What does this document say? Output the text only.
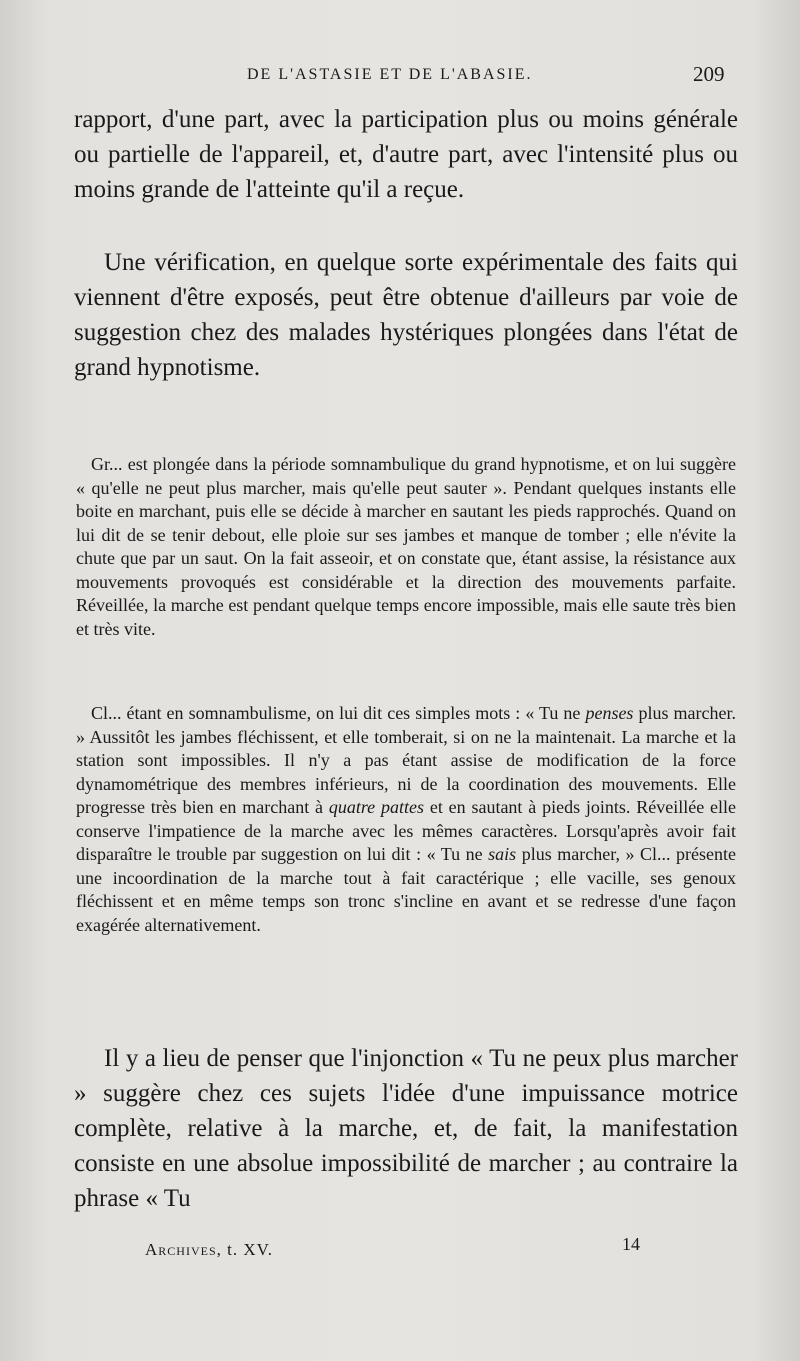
DE L'ASTASIE ET DE L'ABASIE.	209

rapport, d'une part, avec la participation plus ou moins générale ou partielle de l'appareil, et, d'autre part, avec l'intensité plus ou moins grande de l'atteinte qu'il a reçue.

Une vérification, en quelque sorte expérimentale des faits qui viennent d'être exposés, peut être obtenue d'ailleurs par voie de suggestion chez des malades hystériques plongées dans l'état de grand hypnotisme.

Gr... est plongée dans la période somnambulique du grand hypnotisme, et on lui suggère « qu'elle ne peut plus marcher, mais qu'elle peut sauter ». Pendant quelques instants elle boite en marchant, puis elle se décide à marcher en sautant les pieds rapprochés. Quand on lui dit de se tenir debout, elle ploie sur ses jambes et manque de tomber ; elle n'évite la chute que par un saut. On la fait asseoir, et on constate que, étant assise, la résistance aux mouvements provoqués est considérable et la direction des mouvements parfaite. Réveillée, la marche est pendant quelque temps encore impossible, mais elle saute très bien et très vite.

Cl... étant en somnambulisme, on lui dit ces simples mots : « Tu ne penses plus marcher. » Aussitôt les jambes fléchissent, et elle tomberait, si on ne la maintenait. La marche et la station sont impossibles. Il n'y a pas étant assise de modification de la force dynamométrique des membres inférieurs, ni de la coordination des mouvements. Elle progresse très bien en marchant à quatre pattes et en sautant à pieds joints. Réveillée elle conserve l'impatience de la marche avec les mêmes caractères. Lorsqu'après avoir fait disparaître le trouble par suggestion on lui dit : « Tu ne sais plus marcher, » Cl... présente une incoordination de la marche tout à fait caractérique ; elle vacille, ses genoux fléchissent et en même temps son tronc s'incline en avant et se redresse d'une façon exagérée alternativement.

Il y a lieu de penser que l'injonction « Tu ne peux plus marcher » suggère chez ces sujets l'idée d'une impuissance motrice complète, relative à la marche, et, de fait, la manifestation consiste en une absolue impossibilité de marcher ; au contraire la phrase « Tu

Archives, t. XV.	14
